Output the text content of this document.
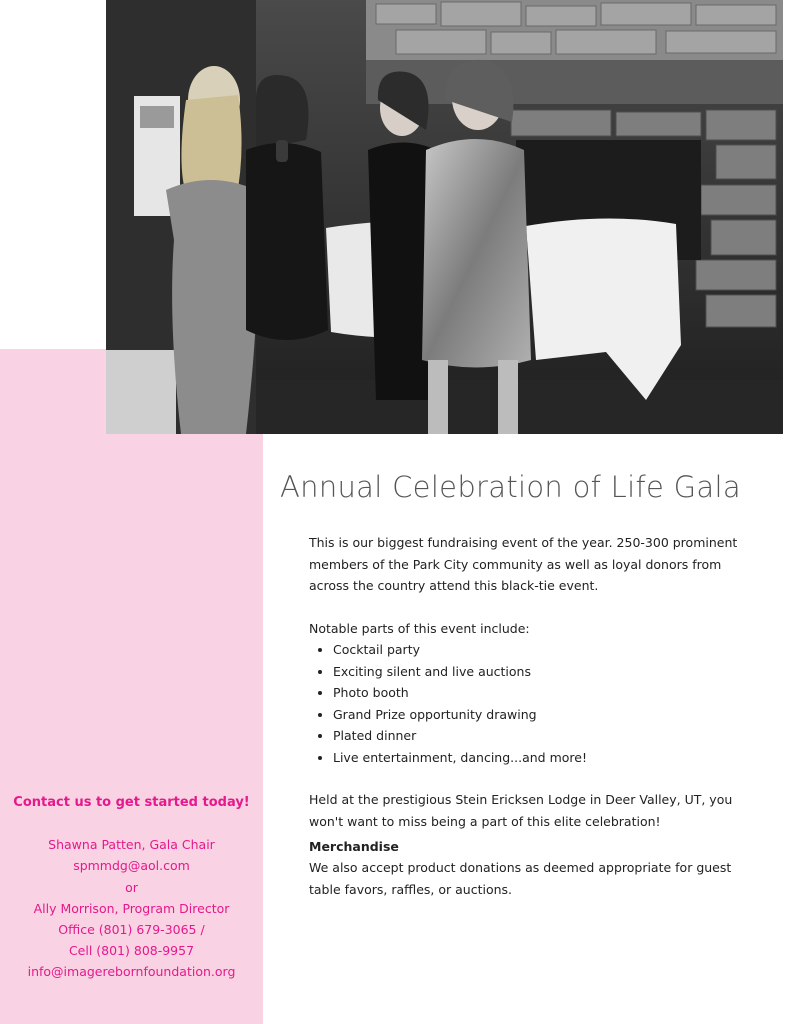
Annual Celebration of Life Gala

This is our biggest fundraising event of the year. 250-300 prominent members of the Park City community as well as loyal donors from across the country attend this black-tie event.

Notable parts of this event include:

• Cocktail party
• Exciting silent and live auctions
• Photo booth
• Grand Prize opportunity drawing
• Plated dinner
• Live entertainment, dancing...and more!

Held at the prestigious Stein Ericksen Lodge in Deer Valley, UT, you won't want to miss being a part of this elite celebration!

Merchandise

We also accept product donations as deemed appropriate for guest table favors, raffles, or auctions.

Contact us to get started today!
Shawna Patten, Gala Chair
spmmdg@aol.com
or
Ally Morrison, Program Director
Office (801) 679-3065 /
Cell (801) 808-9957
info@imagerebornfoundation.org
